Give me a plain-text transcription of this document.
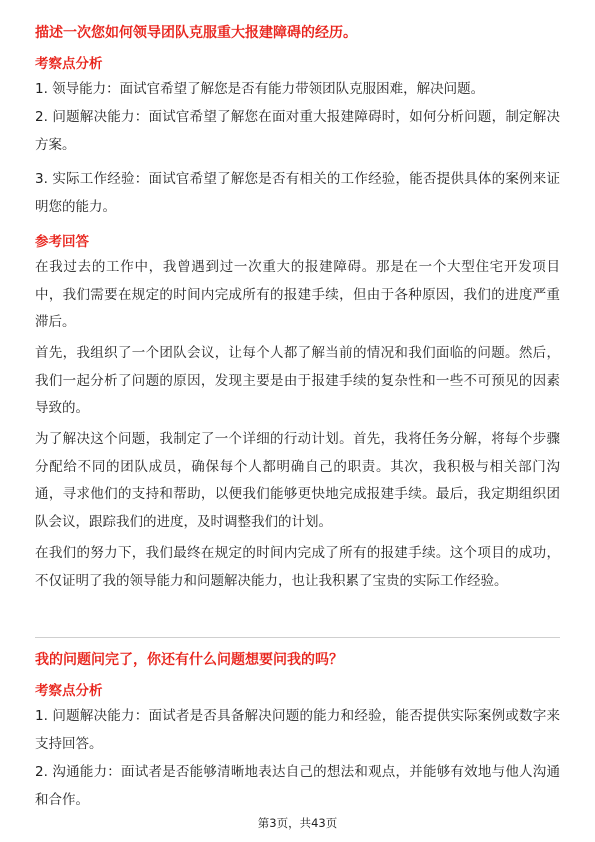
描述一次您如何领导团队克服重大报建障碍的经历。
考察点分析
1. 领导能力：面试官希望了解您是否有能力带领团队克服困难，解决问题。
2. 问题解决能力：面试官希望了解您在面对重大报建障碍时，如何分析问题，制定解决方案。
3. 实际工作经验：面试官希望了解您是否有相关的工作经验，能否提供具体的案例来证明您的能力。
参考回答
在我过去的工作中，我曾遇到过一次重大的报建障碍。那是在一个大型住宅开发项目中，我们需要在规定的时间内完成所有的报建手续，但由于各种原因，我们的进度严重滞后。
首先，我组织了一个团队会议，让每个人都了解当前的情况和我们面临的问题。然后，我们一起分析了问题的原因，发现主要是由于报建手续的复杂性和一些不可预见的因素导致的。
为了解决这个问题，我制定了一个详细的行动计划。首先，我将任务分解，将每个步骤分配给不同的团队成员，确保每个人都明确自己的职责。其次，我积极与相关部门沟通，寻求他们的支持和帮助，以便我们能够更快地完成报建手续。最后，我定期组织团队会议，跟踪我们的进度，及时调整我们的计划。
在我们的努力下，我们最终在规定的时间内完成了所有的报建手续。这个项目的成功，不仅证明了我的领导能力和问题解决能力，也让我积累了宝贵的实际工作经验。
我的问题问完了，你还有什么问题想要问我的吗？
考察点分析
1. 问题解决能力：面试者是否具备解决问题的能力和经验，能否提供实际案例或数字来支持回答。
2. 沟通能力：面试者是否能够清晰地表达自己的想法和观点，并能够有效地与他人沟通和合作。
第3页，共43页
